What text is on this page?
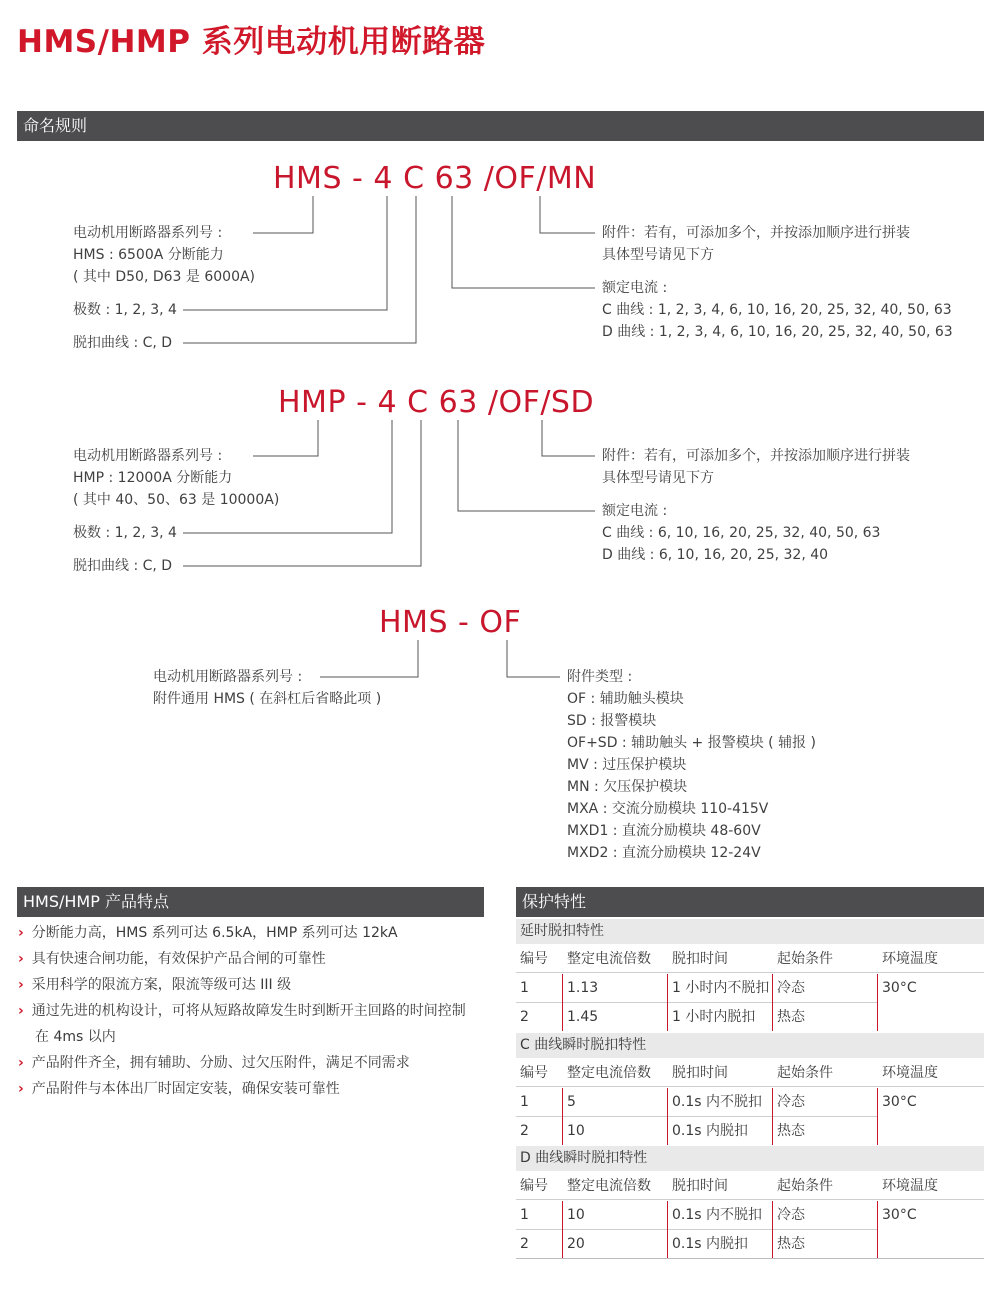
HMS/HMP 系列电动机用断路器
命名规则
HMS - 4 C 63 /OF/MN
电动机用断路器系列号 :
HMS : 6500A 分断能力
( 其中 D50, D63 是 6000A)
极数 : 1, 2, 3, 4
脱扣曲线 : C, D
附件：若有，可添加多个，并按添加顺序进行拼装
具体型号请见下方
额定电流 :
C 曲线 : 1, 2, 3, 4, 6, 10, 16, 20, 25, 32, 40, 50, 63
D 曲线 : 1, 2, 3, 4, 6, 10, 16, 20, 25, 32, 40, 50, 63
HMP - 4 C 63 /OF/SD
电动机用断路器系列号 :
HMP : 12000A 分断能力
( 其中 40、50、63 是 10000A)
极数 : 1, 2, 3, 4
脱扣曲线 : C, D
附件：若有，可添加多个，并按添加顺序进行拼装
具体型号请见下方
额定电流 :
C 曲线 : 6, 10, 16, 20, 25, 32, 40, 50, 63
D 曲线 : 6, 10, 16, 20, 25, 32, 40
HMS - OF
电动机用断路器系列号 :
附件通用 HMS ( 在斜杠后省略此项 )
附件类型 :
OF : 辅助触头模块
SD : 报警模块
OF+SD : 辅助触头 + 报警模块 ( 辅报 )
MV : 过压保护模块
MN : 欠压保护模块
MXA : 交流分励模块 110-415V
MXD1 : 直流分励模块 48-60V
MXD2 : 直流分励模块 12-24V
HMS/HMP 产品特点
› 分断能力高，HMS 系列可达 6.5kA，HMP 系列可达 12kA
› 具有快速合闸功能，有效保护产品合闸的可靠性
› 采用科学的限流方案，限流等级可达 III 级
› 通过先进的机构设计，可将从短路故障发生时到断开主回路的时间控制
在 4ms 以内
› 产品附件齐全，拥有辅助、分励、过欠压附件，满足不同需求
› 产品附件与本体出厂时固定安装，确保安装可靠性
保护特性
延时脱扣特性
编号 整定电流倍数 脱扣时间	起始条件	环境温度
1	1.13	1 小时内不脱扣 冷态	30°C
2	1.45	1 小时内脱扣 热态
C 曲线瞬时脱扣特性
编号 整定电流倍数 脱扣时间	起始条件	环境温度
1	5	0.1s 内不脱扣 冷态	30°C
2	10	0.1s 内脱扣 热态
D 曲线瞬时脱扣特性
编号 整定电流倍数 脱扣时间	起始条件	环境温度
1	10	0.1s 内不脱扣 冷态	30°C
2	20	0.1s 内脱扣 热态
